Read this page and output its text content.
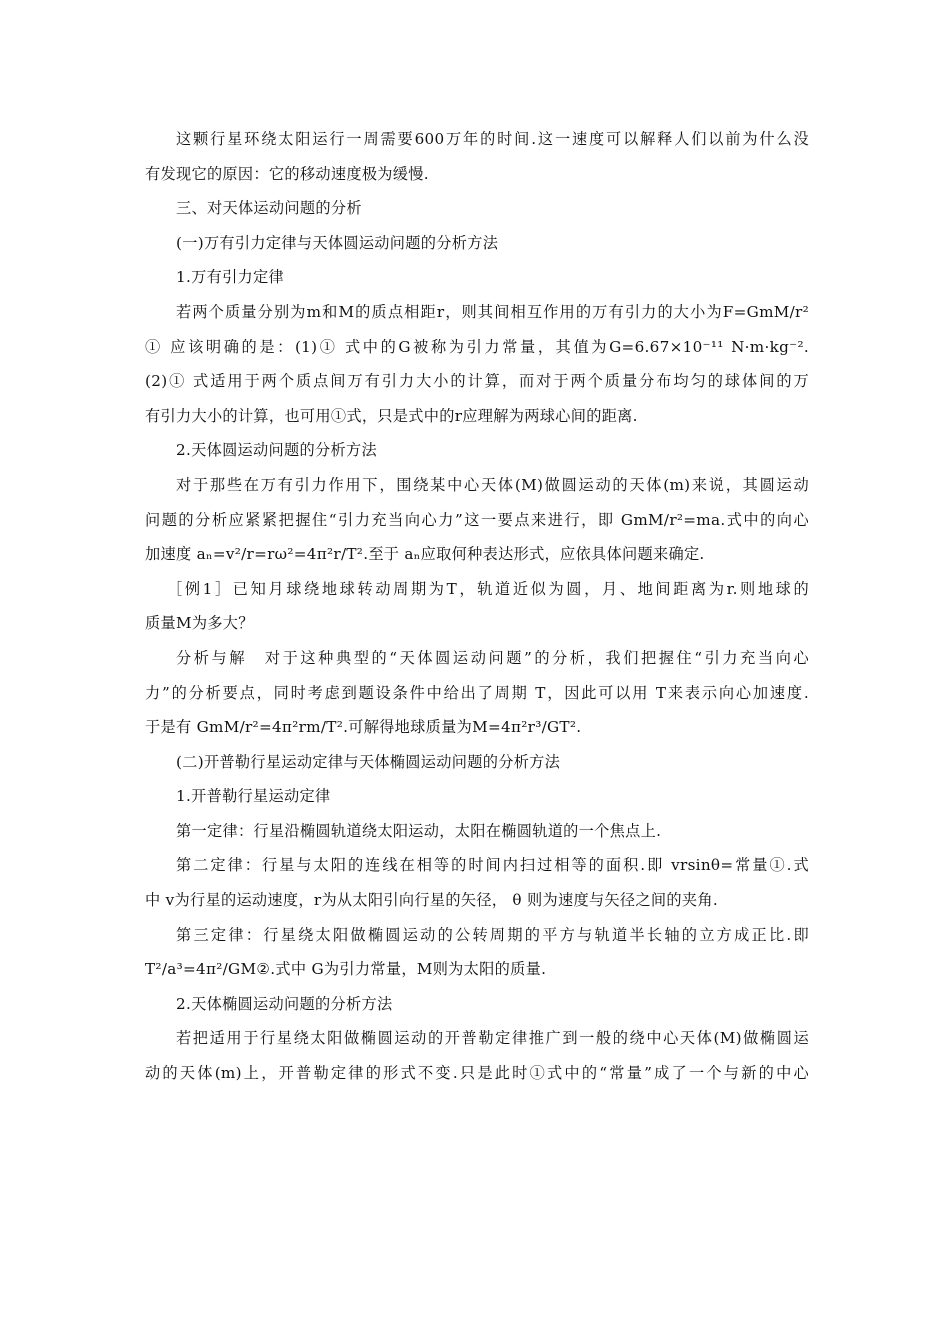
这颗行星环绕太阳运行一周需要600万年的时间.这一速度可以解释人们以前为什么没
有发现它的原因：它的移动速度极为缓慢.
三、对天体运动问题的分析
(一)万有引力定律与天体圆运动问题的分析方法
1.万有引力定律
若两个质量分别为m和M的质点相距r，则其间相互作用的万有引力的大小为F=GmM/r²
① 应该明确的是：(1)① 式中的G被称为引力常量，其值为G=6.67×10⁻¹¹ N·m·kg⁻².
(2)① 式适用于两个质点间万有引力大小的计算，而对于两个质量分布均匀的球体间的万
有引力大小的计算，也可用①式，只是式中的r应理解为两球心间的距离.
2.天体圆运动问题的分析方法
对于那些在万有引力作用下，围绕某中心天体(M)做圆运动的天体(m)来说，其圆运动
问题的分析应紧紧把握住“引力充当向心力”这一要点来进行，即 GmM/r²=ma.式中的向心
加速度 aₙ=v²/r=rω²=4π²r/T².至于 aₙ应取何种表达形式，应依具体问题来确定.
［例1］已知月球绕地球转动周期为T，轨道近似为圆，月、地间距离为r.则地球的
质量M为多大？
分析与解　对于这种典型的“天体圆运动问题”的分析，我们把握住“引力充当向心
力”的分析要点，同时考虑到题设条件中给出了周期 T，因此可以用 T来表示向心加速度.
于是有 GmM/r²=4π²rm/T².可解得地球质量为M=4π²r³/GT².
(二)开普勒行星运动定律与天体椭圆运动问题的分析方法
1.开普勒行星运动定律
第一定律：行星沿椭圆轨道绕太阳运动，太阳在椭圆轨道的一个焦点上.
第二定律：行星与太阳的连线在相等的时间内扫过相等的面积.即 vrsinθ=常量①.式
中 v为行星的运动速度，r为从太阳引向行星的矢径， θ 则为速度与矢径之间的夹角.
第三定律：行星绕太阳做椭圆运动的公转周期的平方与轨道半长轴的立方成正比.即
T²/a³=4π²/GM②.式中 G为引力常量，M则为太阳的质量.
2.天体椭圆运动问题的分析方法
若把适用于行星绕太阳做椭圆运动的开普勒定律推广到一般的绕中心天体(M)做椭圆运
动的天体(m)上，开普勒定律的形式不变.只是此时①式中的“常量”成了一个与新的中心
